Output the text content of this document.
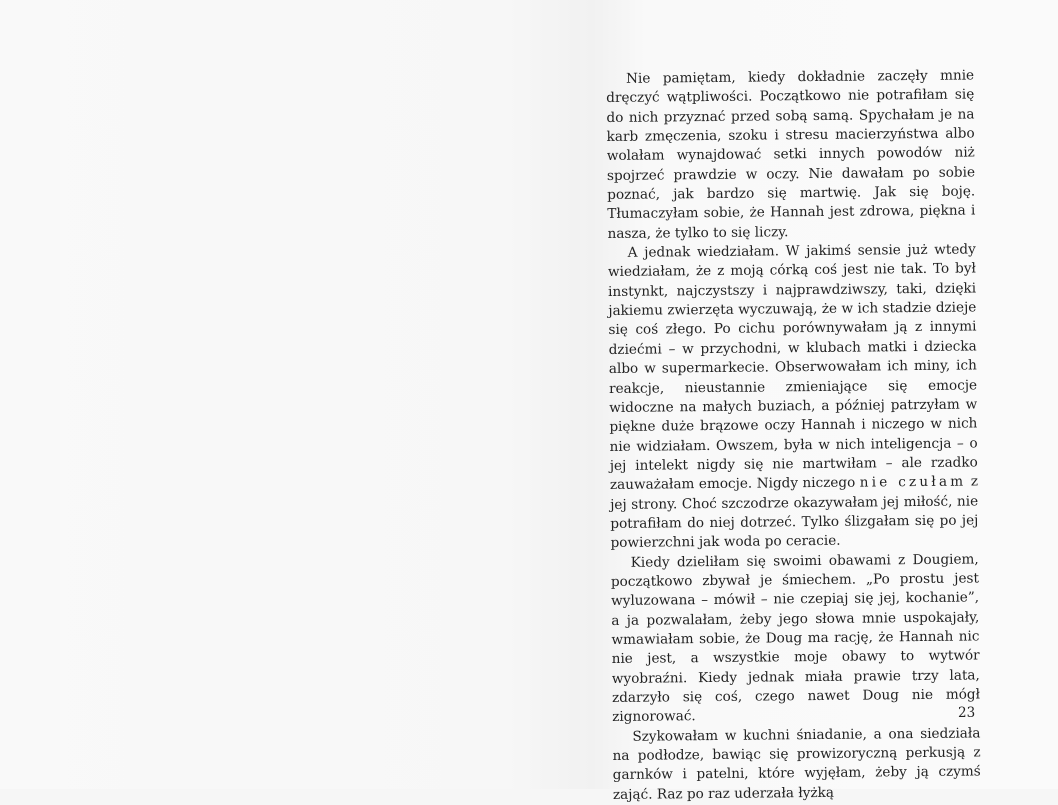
Nie pamiętam, kiedy dokładnie zaczęły mnie dręczyć wątpliwości. Początkowo nie potrafiłam się do nich przyznać przed sobą samą. Spychałam je na karb zmęczenia, szoku i stresu macierzyństwa albo wolałam wynajdować setki innych powodów niż spojrzeć prawdzie w oczy. Nie dawałam po sobie poznać, jak bardzo się martwię. Jak się boję. Tłumaczyłam sobie, że Hannah jest zdrowa, piękna i nasza, że tylko to się liczy.

A jednak wiedziałam. W jakimś sensie już wtedy wiedziałam, że z moją córką coś jest nie tak. To był instynkt, najczystszy i najprawdziwszy, taki, dzięki jakiemu zwierzęta wyczuwają, że w ich stadzie dzieje się coś złego. Po cichu porównywałam ją z innymi dziećmi – w przychodni, w klubach matki i dziecka albo w supermarkecie. Obserwowałam ich miny, ich reakcje, nieustannie zmieniające się emocje widoczne na małych buziach, a później patrzyłam w piękne duże brązowe oczy Hannah i niczego w nich nie widziałam. Owszem, była w nich inteligencja – o jej intelekt nigdy się nie martwiłam – ale rzadko zauważałam emocje. Nigdy niczego nie czułam z jej strony. Choć szczodrze okazywałam jej miłość, nie potrafiłam do niej dotrzeć. Tylko ślizgałam się po jej powierzchni jak woda po ceracie.

Kiedy dzieliłam się swoimi obawami z Dougiem, początkowo zbywał je śmiechem. „Po prostu jest wyluzowana – mówił – nie czepiaj się jej, kochanie”, a ja pozwalałam, żeby jego słowa mnie uspokajały, wmawiałam sobie, że Doug ma rację, że Hannah nic nie jest, a wszystkie moje obawy to wytwór wyobraźni. Kiedy jednak miała prawie trzy lata, zdarzyło się coś, czego nawet Doug nie mógł zignorować.

Szykowałam w kuchni śniadanie, a ona siedziała na podłodze, bawiąc się prowizoryczną perkusją z garnków i patelni, które wyjęłam, żeby ją czymś zająć. Raz po raz uderzała łyżką

23
